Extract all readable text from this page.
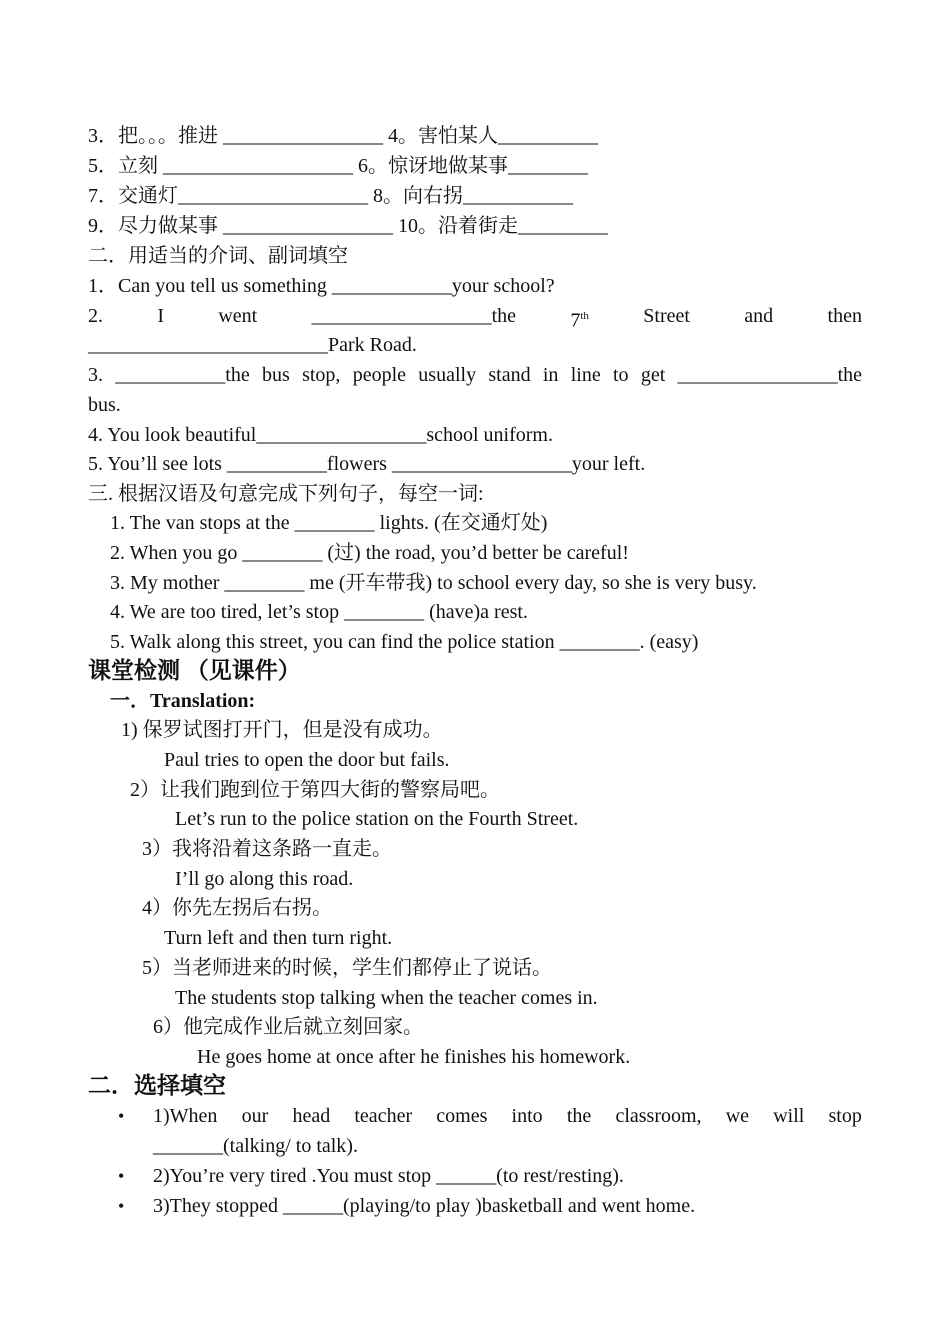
3．把。。。推进 ________________ 4。害怕某人__________
5．立刻 ___________________ 6。惊讶地做某事________
7．交通灯___________________ 8。向右拐___________
9．尽力做某事 _________________ 10。沿着街走_________
二．用适当的介词、副词填空
1．Can you tell us something ____________your school?
2.	I	went	__________________the	7th	Street	and	then
________________________Park Road.
3. ___________the bus stop, people usually stand in line to get ________________the
bus.
4. You look beautiful_________________school uniform.
5. You’ll see lots __________flowers __________________your left.
三. 根据汉语及句意完成下列句子，每空一词:
1. The van stops at the ________ lights. (在交通灯处)
2. When you go ________ (过) the road, you’d better be careful!
3. My mother ________ me (开车带我) to school every day, so she is very busy.
4. We are too tired, let’s stop ________ (have)a rest.
5. Walk along this street, you can find the police station ________. (easy)
课堂检测 （见课件）
一．Translation:
1) 保罗试图打开门，但是没有成功。
Paul tries to open the door but fails.
2）让我们跑到位于第四大街的警察局吧。
Let’s run to the police station on the Fourth Street.
3）我将沿着这条路一直走。
I’ll go along this road.
4）你先左拐后右拐。
Turn left and then turn right.
5）当老师进来的时候，学生们都停止了说话。
The students stop talking when the teacher comes in.
6）他完成作业后就立刻回家。
He goes home at once after he finishes his homework.
二．选择填空
• 1)When our head teacher comes into the classroom, we will stop
_______(talking/ to talk).
• 2)You’re very tired .You must stop ______(to rest/resting).
• 3)They stopped ______(playing/to play )basketball and went home.
